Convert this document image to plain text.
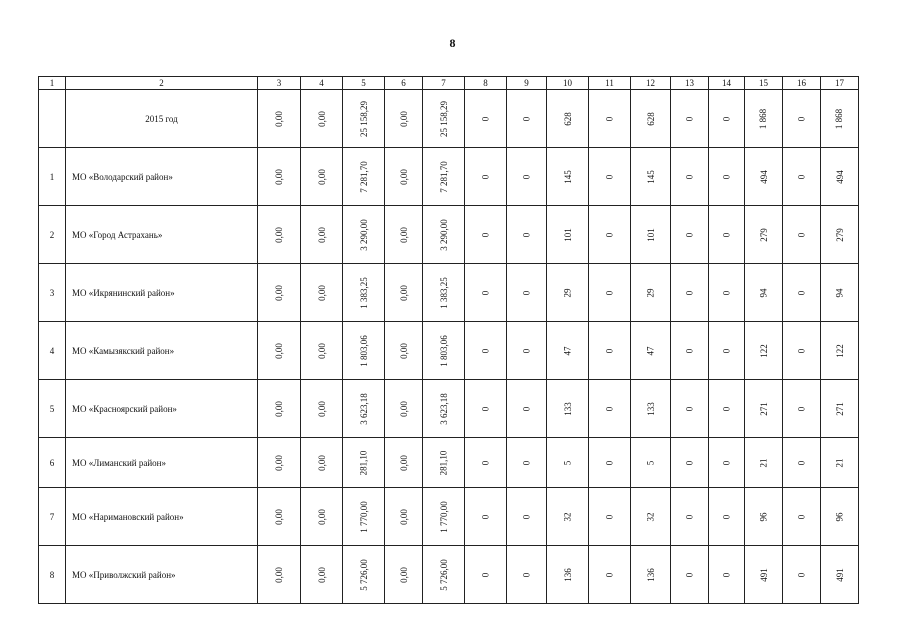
8
1	2	3	4	5	6	7	8	9	10	11	12	13	14	15	16	17
	2015 год	0,00	0,00	25 158,29	0,00	25 158,29	0	0	628	0	628	0	0	1 868	0	1 868
1	МО «Володарский район»	0,00	0,00	7 281,70	0,00	7 281,70	0	0	145	0	145	0	0	494	0	494
2	МО «Город Астрахань»	0,00	0,00	3 290,00	0,00	3 290,00	0	0	101	0	101	0	0	279	0	279
3	МО «Икрянинский район»	0,00	0,00	1 383,25	0,00	1 383,25	0	0	29	0	29	0	0	94	0	94
4	МО «Камызякский район»	0,00	0,00	1 803,06	0,00	1 803,06	0	0	47	0	47	0	0	122	0	122
5	МО «Красноярский район»	0,00	0,00	3 623,18	0,00	3 623,18	0	0	133	0	133	0	0	271	0	271
6	МО «Лиманский район»	0,00	0,00	281,10	0,00	281,10	0	0	5	0	5	0	0	21	0	21
7	МО «Наримановский район»	0,00	0,00	1 770,00	0,00	1 770,00	0	0	32	0	32	0	0	96	0	96
8	МО «Приволжский район»	0,00	0,00	5 726,00	0,00	5 726,00	0	0	136	0	136	0	0	491	0	491
